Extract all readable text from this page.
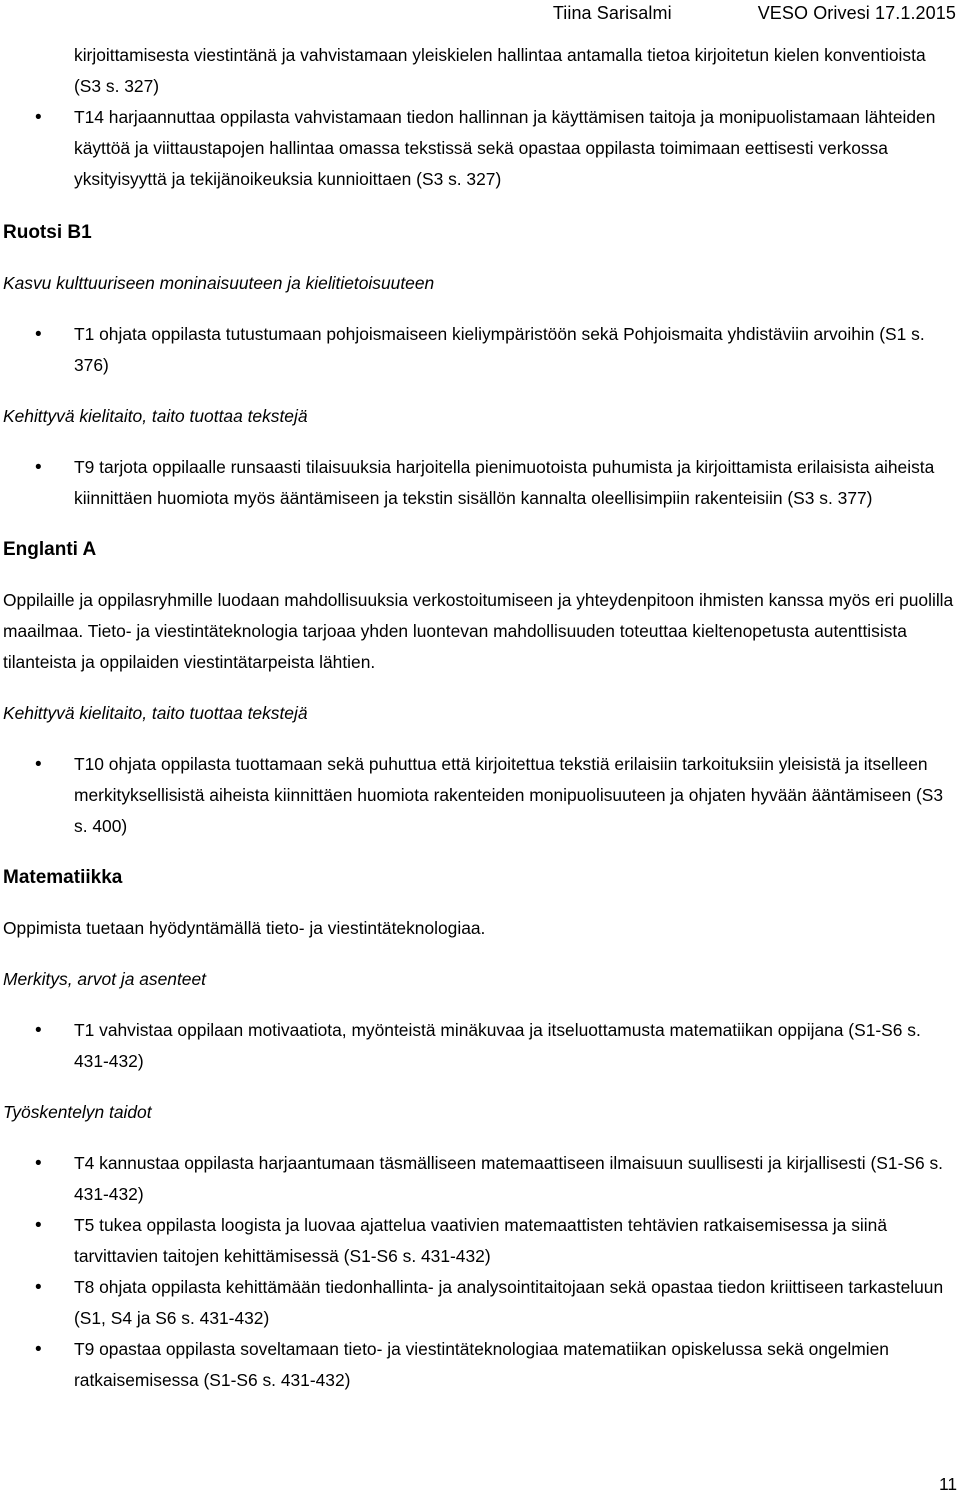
Tiina Sarisalmi	VESO Orivesi 17.1.2015
kirjoittamisesta viestintänä ja vahvistamaan yleiskielen hallintaa antamalla tietoa kirjoitetun kielen konventioista (S3 s. 327)
• T14 harjaannuttaa oppilasta vahvistamaan tiedon hallinnan ja käyttämisen taitoja ja monipuolistamaan lähteiden käyttöä ja viittaustapojen hallintaa omassa tekstissä sekä opastaa oppilasta toimimaan eettisesti verkossa yksityisyyttä ja tekijänoikeuksia kunnioittaen (S3 s. 327)
Ruotsi B1

Kasvu kulttuuriseen moninaisuuteen ja kielitietoisuuteen

• T1 ohjata oppilasta tutustumaan pohjoismaiseen kieliympäristöön sekä Pohjoismaita yhdistäviin arvoihin (S1 s. 376)

Kehittyvä kielitaito, taito tuottaa tekstejä

• T9 tarjota oppilaalle runsaasti tilaisuuksia harjoitella pienimuotoista puhumista ja kirjoittamista erilaisista aiheista kiinnittäen huomiota myös ääntämiseen ja tekstin sisällön kannalta oleellisimpiin rakenteisiin (S3 s. 377)
Englanti A

Oppilaille ja oppilasryhmille luodaan mahdollisuuksia verkostoitumiseen ja yhteydenpitoon ihmisten kanssa myös eri puolilla maailmaa. Tieto- ja viestintäteknologia tarjoaa yhden luontevan mahdollisuuden toteuttaa kieltenopetusta autenttisista tilanteista ja oppilaiden viestintätarpeista lähtien.

Kehittyvä kielitaito, taito tuottaa tekstejä

• T10 ohjata oppilasta tuottamaan sekä puhuttua että kirjoitettua tekstiä erilaisiin tarkoituksiin yleisistä ja itselleen merkityksellisistä aiheista kiinnittäen huomiota rakenteiden monipuolisuuteen ja ohjaten hyvään ääntämiseen (S3 s. 400)
Matematiikka

Oppimista tuetaan hyödyntämällä tieto- ja viestintäteknologiaa.

Merkitys, arvot ja asenteet

• T1 vahvistaa oppilaan motivaatiota, myönteistä minäkuvaa ja itseluottamusta matematiikan oppijana (S1-S6 s. 431-432)

Työskentelyn taidot

• T4 kannustaa oppilasta harjaantumaan täsmälliseen matemaattiseen ilmaisuun suullisesti ja kirjallisesti (S1-S6 s. 431-432)
• T5 tukea oppilasta loogista ja luovaa ajattelua vaativien matemaattisten tehtävien ratkaisemisessa ja siinä tarvittavien taitojen kehittämisessä (S1-S6 s. 431-432)
• T8 ohjata oppilasta kehittämään tiedonhallinta- ja analysointitaitojaan sekä opastaa tiedon kriittiseen tarkasteluun (S1, S4 ja S6 s. 431-432)
• T9 opastaa oppilasta soveltamaan tieto- ja viestintäteknologiaa matematiikan opiskelussa sekä ongelmien ratkaisemisessa (S1-S6 s. 431-432)
11
